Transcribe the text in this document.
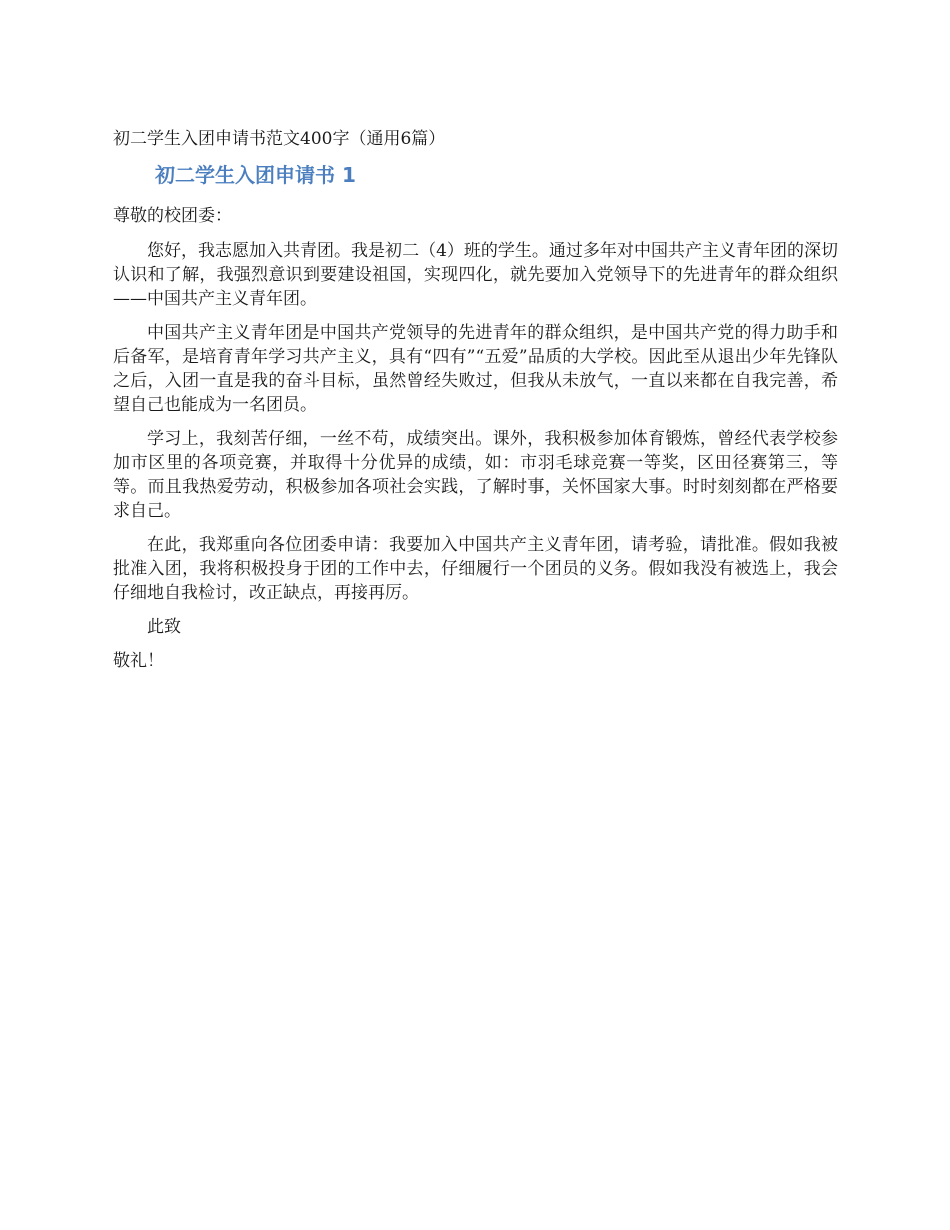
初二学生入团申请书范文400字（通用6篇）
初二学生入团申请书 1

尊敬的校团委：

您好，我志愿加入共青团。我是初二（4）班的学生。通过多年对中国共产主义青年团的深切认识和了解，我强烈意识到要建设祖国，实现四化，就先要加入党领导下的先进青年的群众组织——中国共产主义青年团。

中国共产主义青年团是中国共产党领导的先进青年的群众组织，是中国共产党的得力助手和后备军，是培育青年学习共产主义，具有“四有”“五爱”品质的大学校。因此至从退出少年先锋队之后，入团一直是我的奋斗目标，虽然曾经失败过，但我从未放气，一直以来都在自我完善，希望自己也能成为一名团员。

学习上，我刻苦仔细，一丝不苟，成绩突出。课外，我积极参加体育锻炼，曾经代表学校参加市区里的各项竞赛，并取得十分优异的成绩，如：市羽毛球竞赛一等奖，区田径赛第三，等等。而且我热爱劳动，积极参加各项社会实践，了解时事，关怀国家大事。时时刻刻都在严格要求自己。

在此，我郑重向各位团委申请：我要加入中国共产主义青年团，请考验，请批准。假如我被批准入团，我将积极投身于团的工作中去，仔细履行一个团员的义务。假如我没有被选上，我会仔细地自我检讨，改正缺点，再接再厉。

此致

敬礼！
